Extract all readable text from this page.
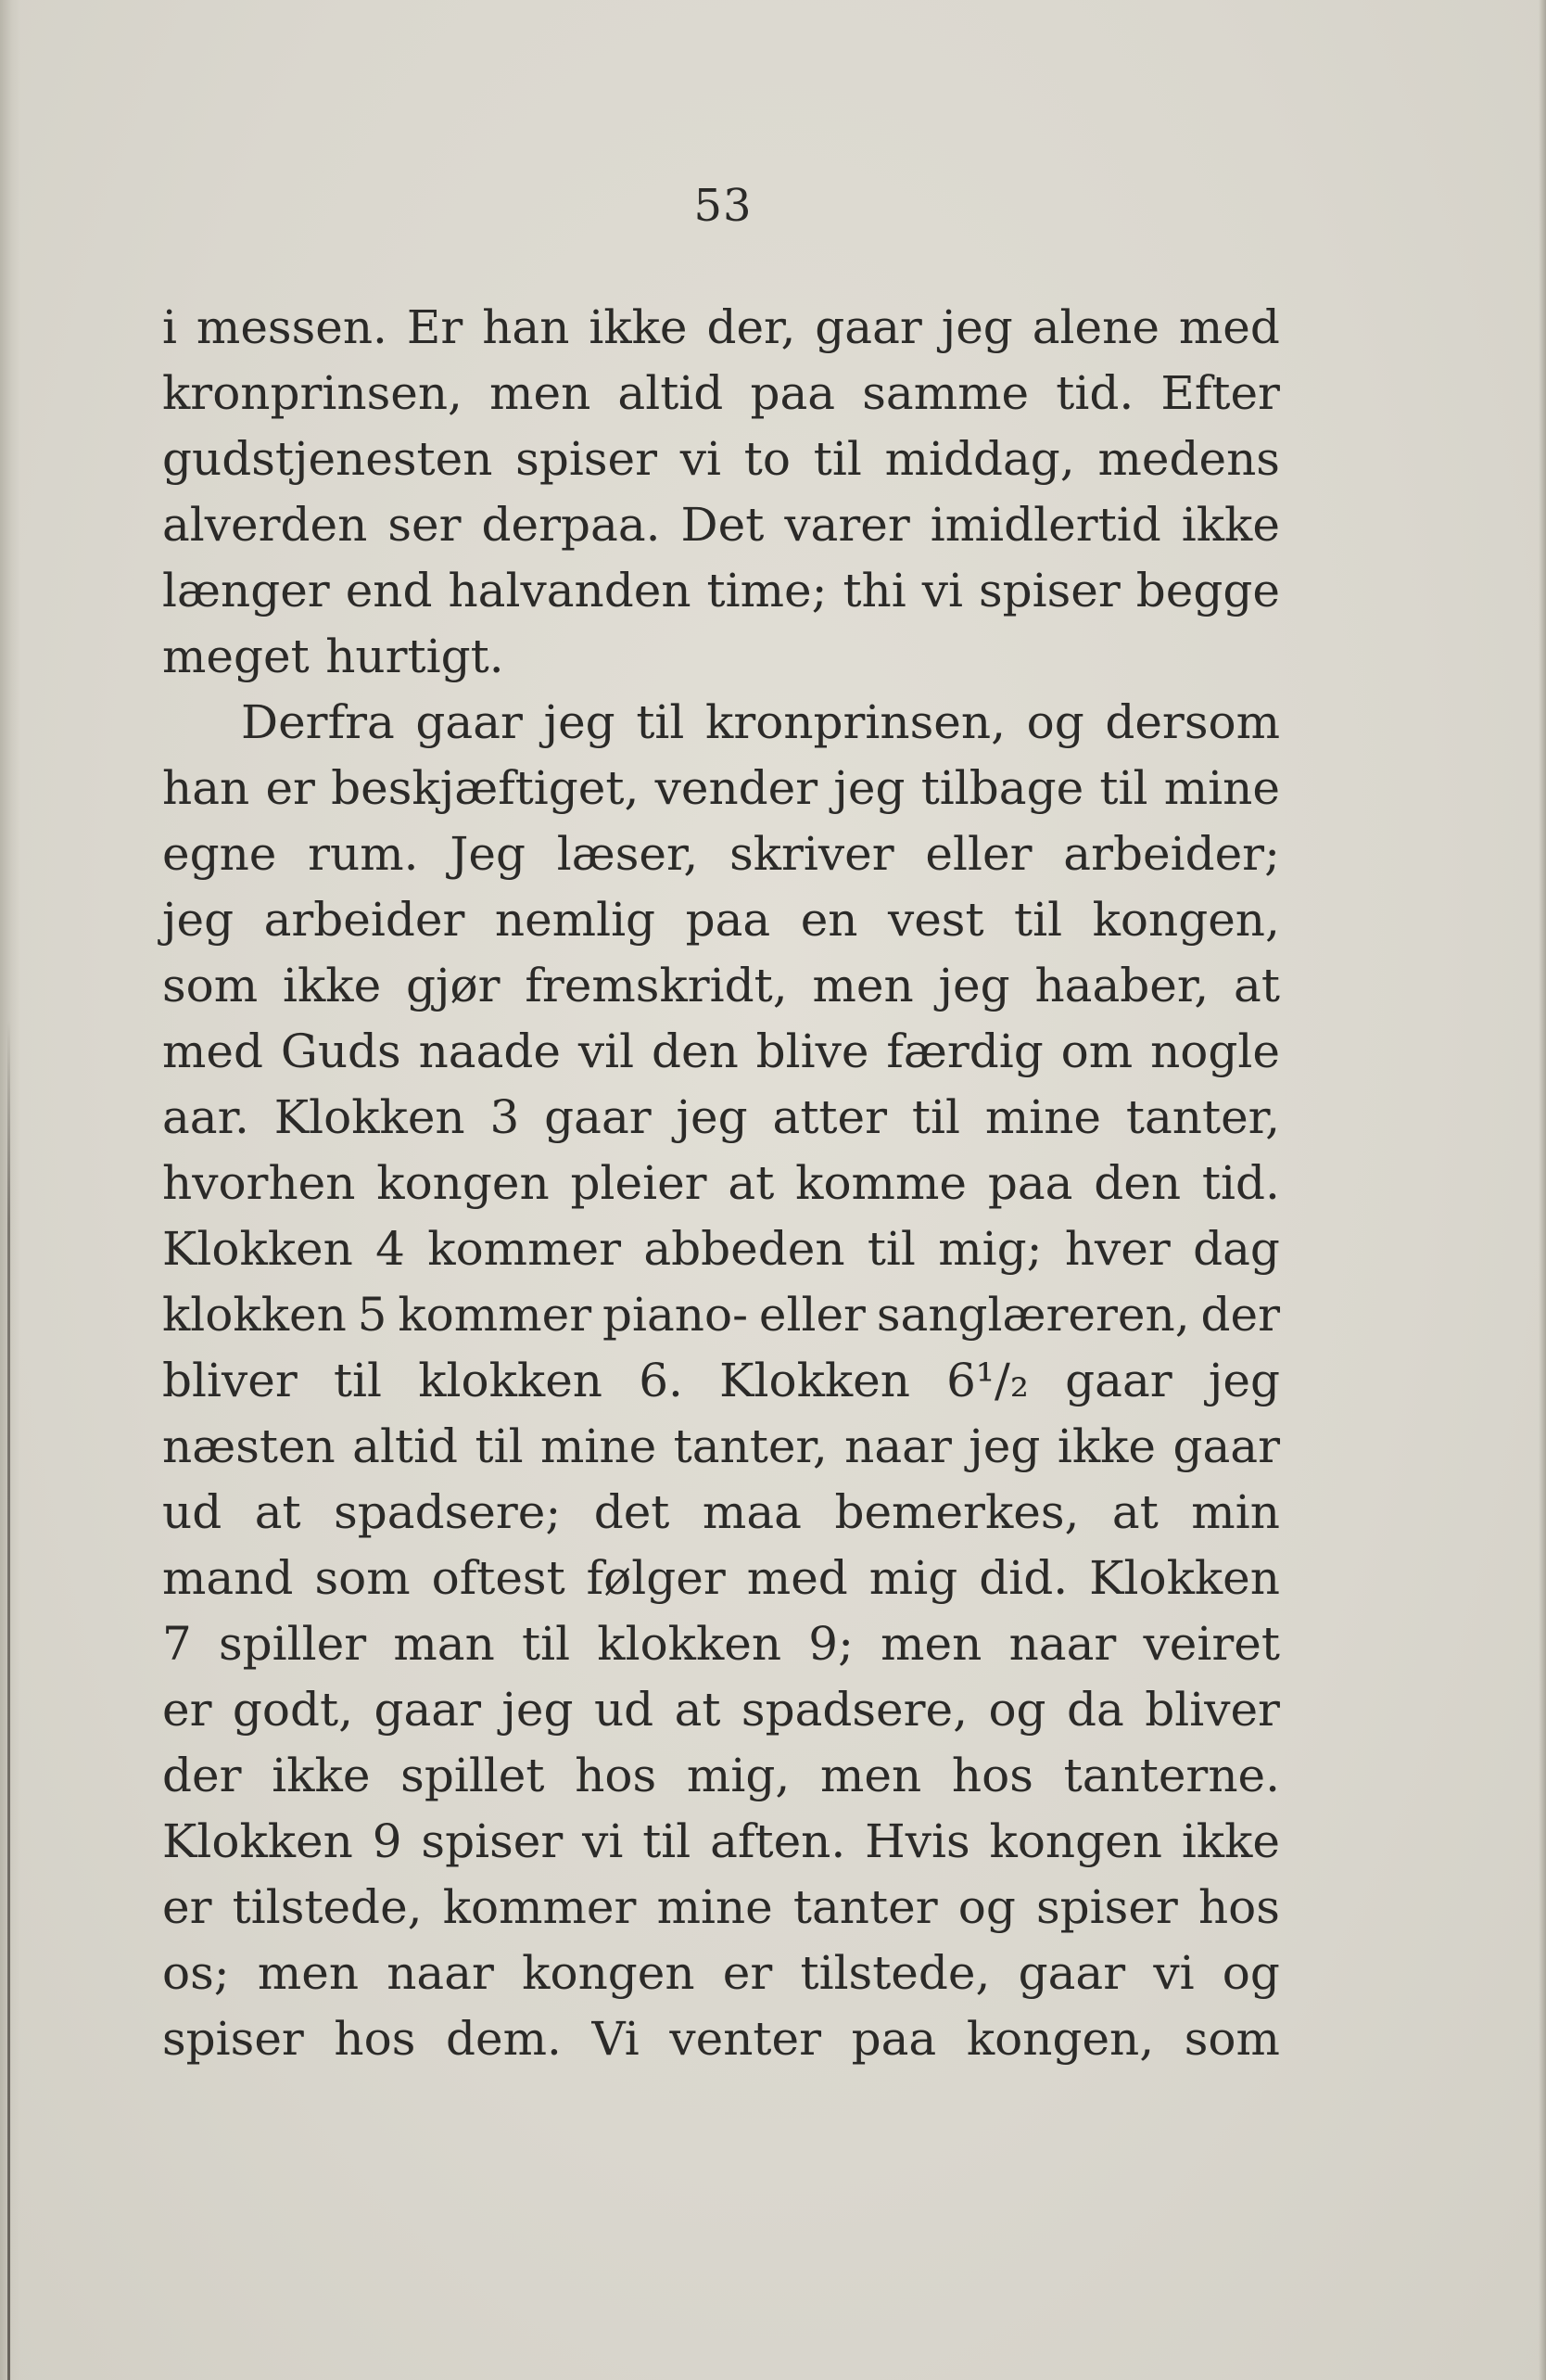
53
i messen. Er han ikke der, gaar jeg alene med
kronprinsen, men altid paa samme tid. Efter
gudstjenesten spiser vi to til middag, medens
alverden ser derpaa. Det varer imidlertid ikke
længer end halvanden time; thi vi spiser begge
meget hurtigt.
Derfra gaar jeg til kronprinsen, og dersom
han er beskjæftiget, vender jeg tilbage til mine
egne rum. Jeg læser, skriver eller arbeider;
jeg arbeider nemlig paa en vest til kongen,
som ikke gjør fremskridt, men jeg haaber, at
med Guds naade vil den blive færdig om nogle
aar. Klokken 3 gaar jeg atter til mine tanter,
hvorhen kongen pleier at komme paa den tid.
Klokken 4 kommer abbeden til mig; hver dag
klokken 5 kommer piano- eller sanglæreren, der
bliver til klokken 6. Klokken 6¹/₂ gaar jeg
næsten altid til mine tanter, naar jeg ikke gaar
ud at spadsere; det maa bemerkes, at min
mand som oftest følger med mig did. Klokken
7 spiller man til klokken 9; men naar veiret
er godt, gaar jeg ud at spadsere, og da bliver
der ikke spillet hos mig, men hos tanterne.
Klokken 9 spiser vi til aften. Hvis kongen ikke
er tilstede, kommer mine tanter og spiser hos
os; men naar kongen er tilstede, gaar vi og
spiser hos dem. Vi venter paa kongen, som
